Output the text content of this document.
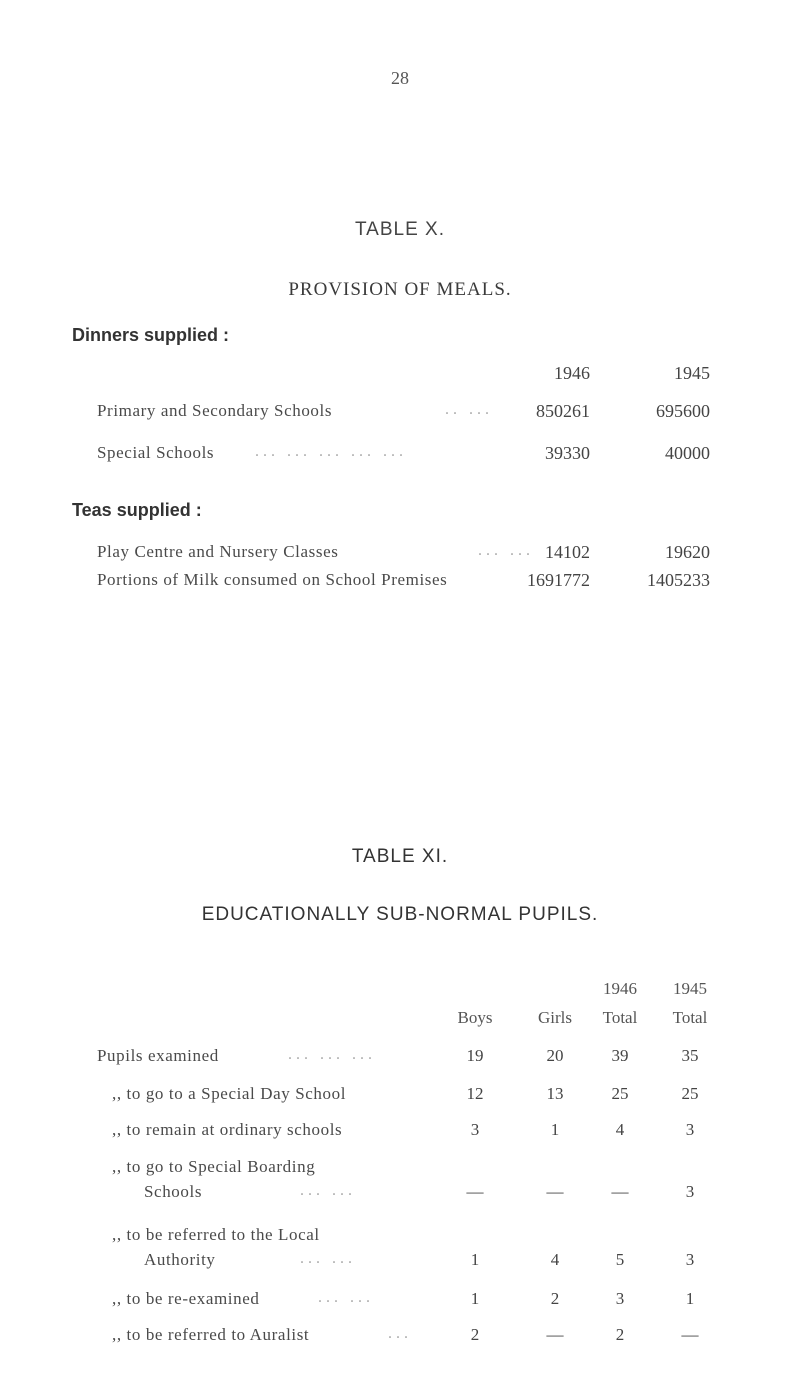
28
TABLE X.
PROVISION OF MEALS.
Dinners supplied :
1946	1945
Primary and Secondary Schools	.. ...	850261	695600
Special Schools	... ... ... ... ...	39330	40000
Teas supplied :
Play Centre and Nursery Classes	... ... 14102	19620
Portions of Milk consumed on School Premises	1691772	1405233
TABLE XI.
EDUCATIONALLY SUB-NORMAL PUPILS.
1946	1945
Boys	Girls	Total	Total
Pupils examined	... ... ...	19	20	39	35
,, to go to a Special Day School	12	13	25	25
,, to remain at ordinary schools	3	1	4	3
,, to go to Special Boarding
Schools	... ...	—	—	—	3
,, to be referred to the Local
Authority	... ...	1	4	5	3
,, to be re-examined	... ...	1	2	3	1
,, to be referred to Auralist	...	2	—	2	—
